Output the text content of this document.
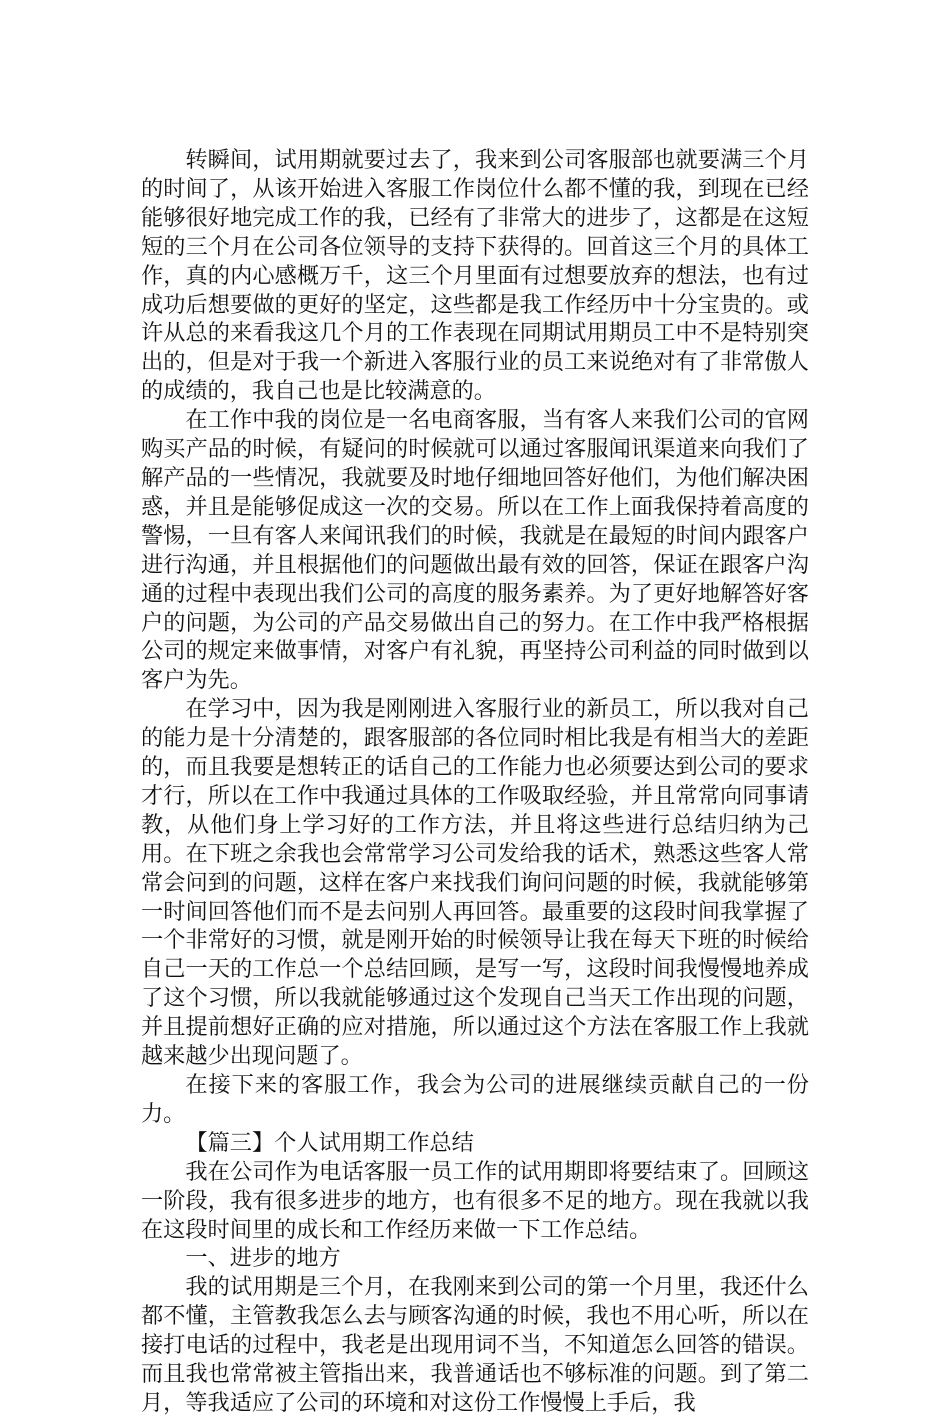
转瞬间，试用期就要过去了，我来到公司客服部也就要满三个月的时间了，从该开始进入客服工作岗位什么都不懂的我，到现在已经能够很好地完成工作的我，已经有了非常大的进步了，这都是在这短短的三个月在公司各位领导的支持下获得的。回首这三个月的具体工作，真的内心感概万千，这三个月里面有过想要放弃的想法，也有过成功后想要做的更好的坚定，这些都是我工作经历中十分宝贵的。或许从总的来看我这几个月的工作表现在同期试用期员工中不是特别突出的，但是对于我一个新进入客服行业的员工来说绝对有了非常傲人的成绩的，我自己也是比较满意的。

在工作中我的岗位是一名电商客服，当有客人来我们公司的官网购买产品的时候，有疑问的时候就可以通过客服闻讯渠道来向我们了解产品的一些情况，我就要及时地仔细地回答好他们，为他们解决困惑，并且是能够促成这一次的交易。所以在工作上面我保持着高度的警惕，一旦有客人来闻讯我们的时候，我就是在最短的时间内跟客户进行沟通，并且根据他们的问题做出最有效的回答，保证在跟客户沟通的过程中表现出我们公司的高度的服务素养。为了更好地解答好客户的问题，为公司的产品交易做出自己的努力。在工作中我严格根据公司的规定来做事情，对客户有礼貌，再坚持公司利益的同时做到以客户为先。

在学习中，因为我是刚刚进入客服行业的新员工，所以我对自己的能力是十分清楚的，跟客服部的各位同时相比我是有相当大的差距的，而且我要是想转正的话自己的工作能力也必须要达到公司的要求才行，所以在工作中我通过具体的工作吸取经验，并且常常向同事请教，从他们身上学习好的工作方法，并且将这些进行总结归纳为己用。在下班之余我也会常常学习公司发给我的话术，熟悉这些客人常常会问到的问题，这样在客户来找我们询问问题的时候，我就能够第一时间回答他们而不是去问别人再回答。最重要的这段时间我掌握了一个非常好的习惯，就是刚开始的时候领导让我在每天下班的时候给自己一天的工作总一个总结回顾，是写一写，这段时间我慢慢地养成了这个习惯，所以我就能够通过这个发现自己当天工作出现的问题，并且提前想好正确的应对措施，所以通过这个方法在客服工作上我就越来越少出现问题了。

在接下来的客服工作，我会为公司的进展继续贡献自己的一份力。

【篇三】个人试用期工作总结

我在公司作为电话客服一员工作的试用期即将要结束了。回顾这一阶段，我有很多进步的地方，也有很多不足的地方。现在我就以我在这段时间里的成长和工作经历来做一下工作总结。

一、进步的地方

我的试用期是三个月，在我刚来到公司的第一个月里，我还什么都不懂，主管教我怎么去与顾客沟通的时候，我也不用心听，所以在接打电话的过程中，我老是出现用词不当，不知道怎么回答的错误。而且我也常常被主管指出来，我普通话也不够标准的问题。到了第二月，等我适应了公司的环境和对这份工作慢慢上手后，我
